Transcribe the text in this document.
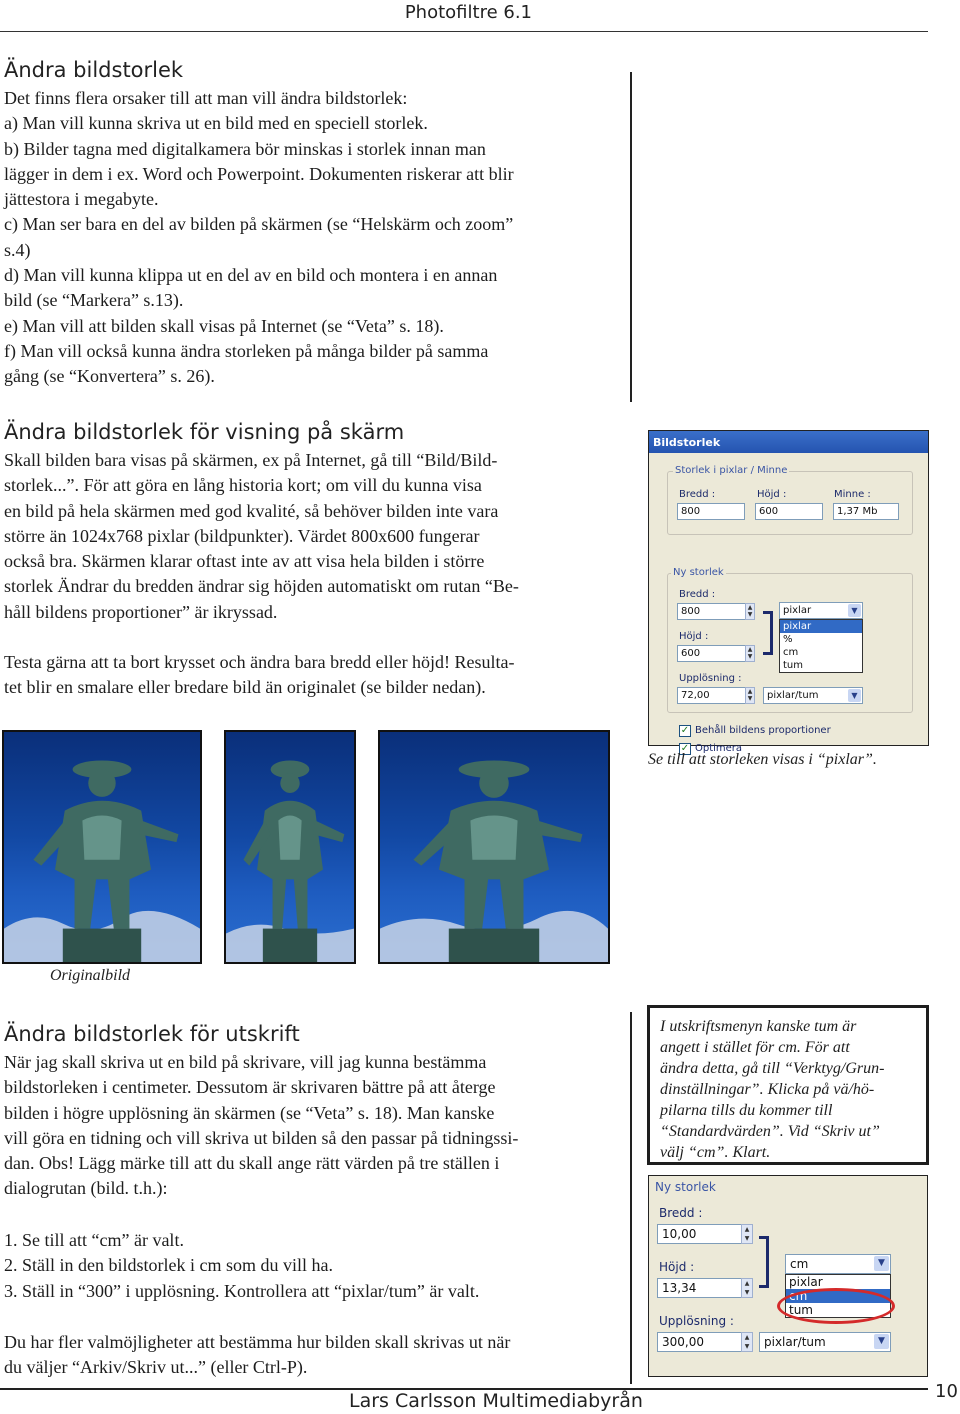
Photofiltre 6.1
Ändra bildstorlek
Det finns flera orsaker till att man vill ändra bildstorlek:
a) Man vill kunna skriva ut en bild med en speciell storlek.
b) Bilder tagna med digitalkamera bör minskas i storlek innan man
lägger in dem i ex. Word och Powerpoint. Dokumenten riskerar att blir
jättestora i megabyte.
c) Man ser bara en del av bilden på skärmen (se “Helskärm och zoom”
s.4)
d) Man vill kunna klippa ut en del av en bild och montera i en annan
bild (se “Markera” s.13).
e) Man vill att bilden skall visas på Internet (se “Veta” s. 18).
f) Man vill också kunna ändra storleken på många bilder på samma
gång (se “Konvertera” s. 26).
Ändra bildstorlek för visning på skärm
Skall bilden bara visas på skärmen, ex på Internet, gå till “Bild/Bild-
storlek...”. För att göra en lång historia kort; om vill du kunna visa
en bild på hela skärmen med god kvalité, så behöver bilden inte vara
större än 1024x768 pixlar (bildpunkter). Värdet 800x600 fungerar
också bra. Skärmen klarar oftast inte av att visa hela bilden i större
storlek Ändrar du bredden ändrar sig höjden automatiskt om rutan “Be-
håll bildens proportioner” är ikryssad.
Testa gärna att ta bort krysset och ändra bara bredd eller höjd! Resulta-
tet blir en smalare eller bredare bild än originalet (se bilder nedan).
Bildstorlek
Storlek i pixlar / Minne
Bredd :	Höjd :	Minne :
800	600	1,37 Mb
Ny storlek
Bredd :
800	▲
▼
Höjd :
600	▲
▼
pixlar	▼
pixlar
%
cm
tum
Upplösning :
72,00	▲
▼	pixlar/tum	▼
✓ Behåll bildens proportioner
✓ Optimera
Se till att storleken visas i “pixlar”.
Originalbild
Ändra bildstorlek för utskrift
När jag skall skriva ut en bild på skrivare, vill jag kunna bestämma
bildstorleken i centimeter. Dessutom är skrivaren bättre på att återge
bilden i högre upplösning än skärmen (se “Veta” s. 18). Man kanske
vill göra en tidning och vill skriva ut bilden så den passar på tidningssi-
dan. Obs! Lägg märke till att du skall ange rätt värden på tre ställen i
dialogrutan (bild. t.h.):
1. Se till att “cm” är valt.
2. Ställ in den bildstorlek i cm som du vill ha.
3. Ställ in “300” i upplösning. Kontrollera att “pixlar/tum” är valt.
Du har fler valmöjligheter att bestämma hur bilden skall skrivas ut när
du väljer “Arkiv/Skriv ut...” (eller Ctrl-P).
I utskriftsmenyn kanske tum är
angett i stället för cm. För att
ändra detta, gå till “Verktyg/Grun-
dinställningar”. Klicka på vä/hö-
pilarna tills du kommer till
“Standardvärden”. Vid “Skriv ut”
välj “cm”. Klart.
Ny storlek
Bredd :
10,00	▲
▼
Höjd :
13,34	▲
▼
cm	▼
pixlar
cm
tum
Upplösning :
300,00	▲
▼	pixlar/tum	▼
Lars Carlsson Multimediabyrån	10
